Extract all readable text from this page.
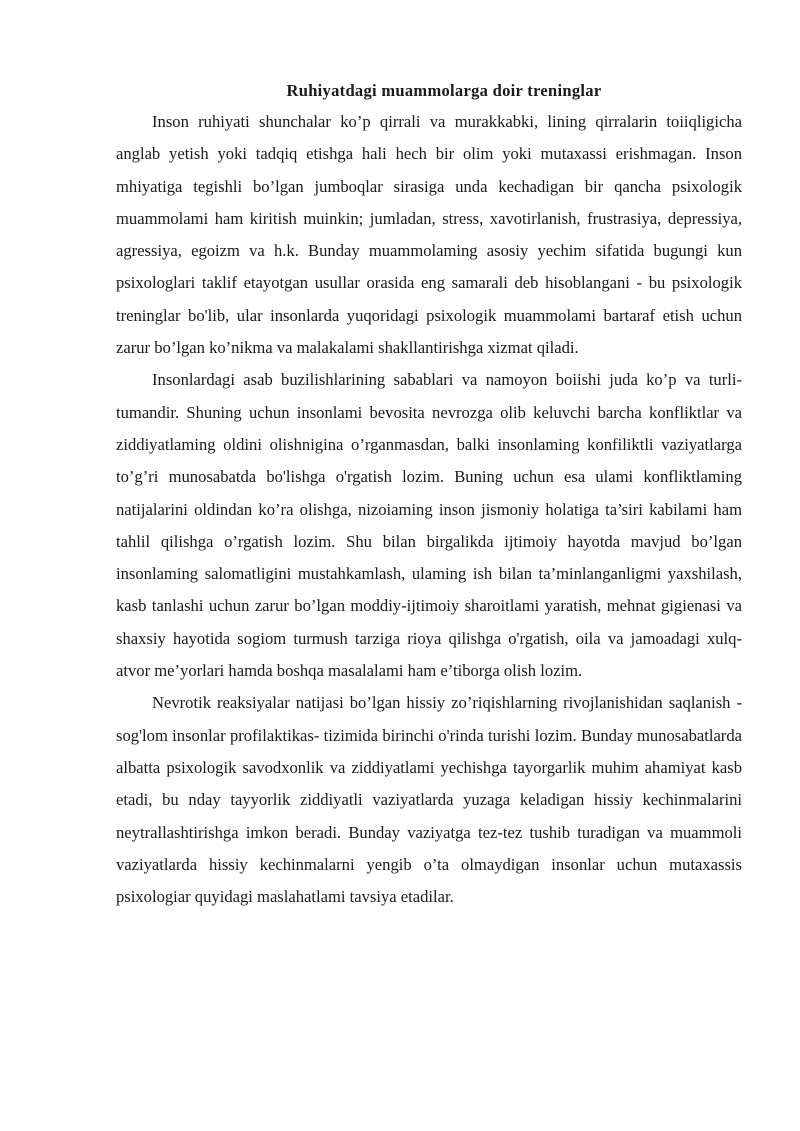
Ruhiyatdagi muammolarga doir treninglar

Inson ruhiyati shunchalar ko’p qirrali va murakkabki, lining qirralarin toiiqligicha anglab yetish yoki tadqiq etishga hali hech bir olim yoki mutaxassi erishmagan. Inson mhiyatiga tegishli bo’lgan jumboqlar sirasiga unda kechadigan bir qancha psixologik muammolami ham kiritish muinkin; jumladan, stress, xavotirlanish, frustrasiya, depressiya, agressiya, egoizm va h.k. Bunday muammolaming asosiy yechim sifatida bugungi kun psixologlari taklif etayotgan usullar orasida eng samarali deb hisoblangani - bu psixologik treninglar bo'lib, ular insonlarda yuqoridagi psixologik muammolami bartaraf etish uchun zarur bo’lgan ko’nikma va malakalami shakllantirishga xizmat qiladi.

Insonlardagi asab buzilishlarining sabablari va namoyon boiishi juda ko’p va turli-tumandir. Shuning uchun insonlami bevosita nevrozga olib keluvchi barcha konfliktlar va ziddiyatlaming oldini olishnigina o’rganmasdan, balki insonlaming konfiliktli vaziyatlarga to’g’ri munosabatda bo'lishga o'rgatish lozim. Buning uchun esa ulami konfliktlaming natijalarini oldindan ko’ra olishga, nizoiaming inson jismoniy holatiga ta’siri kabilami ham tahlil qilishga o’rgatish lozim. Shu bilan birgalikda ijtimoiy hayotda mavjud bo’lgan insonlaming salomatligini mustahkamlash, ulaming ish bilan ta’minlanganligmi yaxshilash, kasb tanlashi uchun zarur bo’lgan moddiy-ijtimoiy sharoitlami yaratish, mehnat gigienasi va shaxsiy hayotida sogiom turmush tarziga rioya qilishga o'rgatish, oila va jamoadagi xulq- atvor me’yorlari hamda boshqa masalalami ham e’tiborga olish lozim.

Nevrotik reaksiyalar natijasi bo’lgan hissiy zo’riqishlarning rivojlanishidan saqlanish - sog'lom insonlar profilaktikas- tizimida birinchi o'rinda turishi lozim. Bunday munosabatlarda albatta psixologik savodxonlik va ziddiyatlami yechishga tayorgarlik muhim ahamiyat kasb etadi, bu nday tayyorlik ziddiyatli vaziyatlarda yuzaga keladigan hissiy kechinmalarini neytrallashtirishga imkon beradi. Bunday vaziyatga tez-tez tushib turadigan va muammoli vaziyatlarda hissiy kechinmalarni yengib o’ta olmaydigan insonlar uchun mutaxassis psixologiar quyidagi maslahatlami tavsiya etadilar.
